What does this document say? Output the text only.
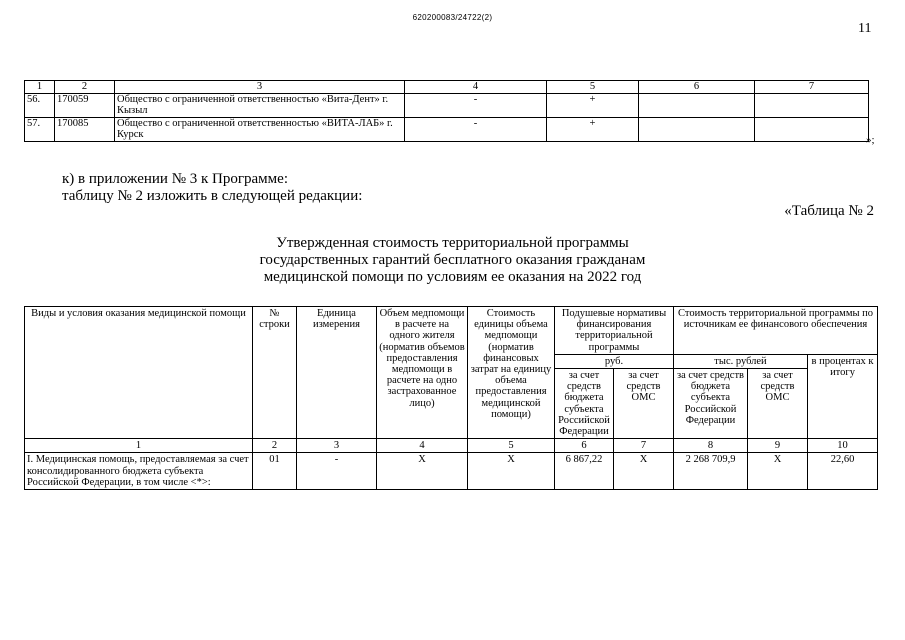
620200083/24722(2)
11
1	2	3	4	5	6	7
56.	170059	Общество с ограниченной ответственностью «Вита-Дент» г. Кызыл	-	+		
57.	170085	Общество с ограниченной ответственностью «ВИТА-ЛАБ» г. Курск	-	+		
»;
к) в приложении № 3 к Программе:
таблицу № 2 изложить в следующей редакции:
«Таблица № 2
Утвержденная стоимость территориальной программы
государственных гарантий бесплатного оказания гражданам
медицинской помощи по условиям ее оказания на 2022 год
Виды и условия оказания медицинской помощи	№ строки	Единица измерения	Объем медпомощи в расчете на одного жителя (норматив объемов предоставления медпомощи в расчете на одно застрахованное лицо)	Стоимость единицы объема медпомощи (норматив финансовых затрат на единицу объема предоставления медицинской помощи)	Подушевые нормативы финансирования территориальной программы		Стоимость территориальной программы по источникам ее финансового обеспечения		
					руб.		тыс. рублей		в процентах к итогу
					за счет средств бюджета субъекта Российской Федерации	за счет средств ОМС	за счет средств бюджета субъекта Российской Федерации	за счет средств ОМС	
1	2	3	4	5	6	7	8	9	10
I. Медицинская помощь, предоставляемая за счет консолидированного бюджета субъекта Российской Федерации, в том числе <*>:	01	-	X	X	6 867,22	X	2 268 709,9	X	22,60
